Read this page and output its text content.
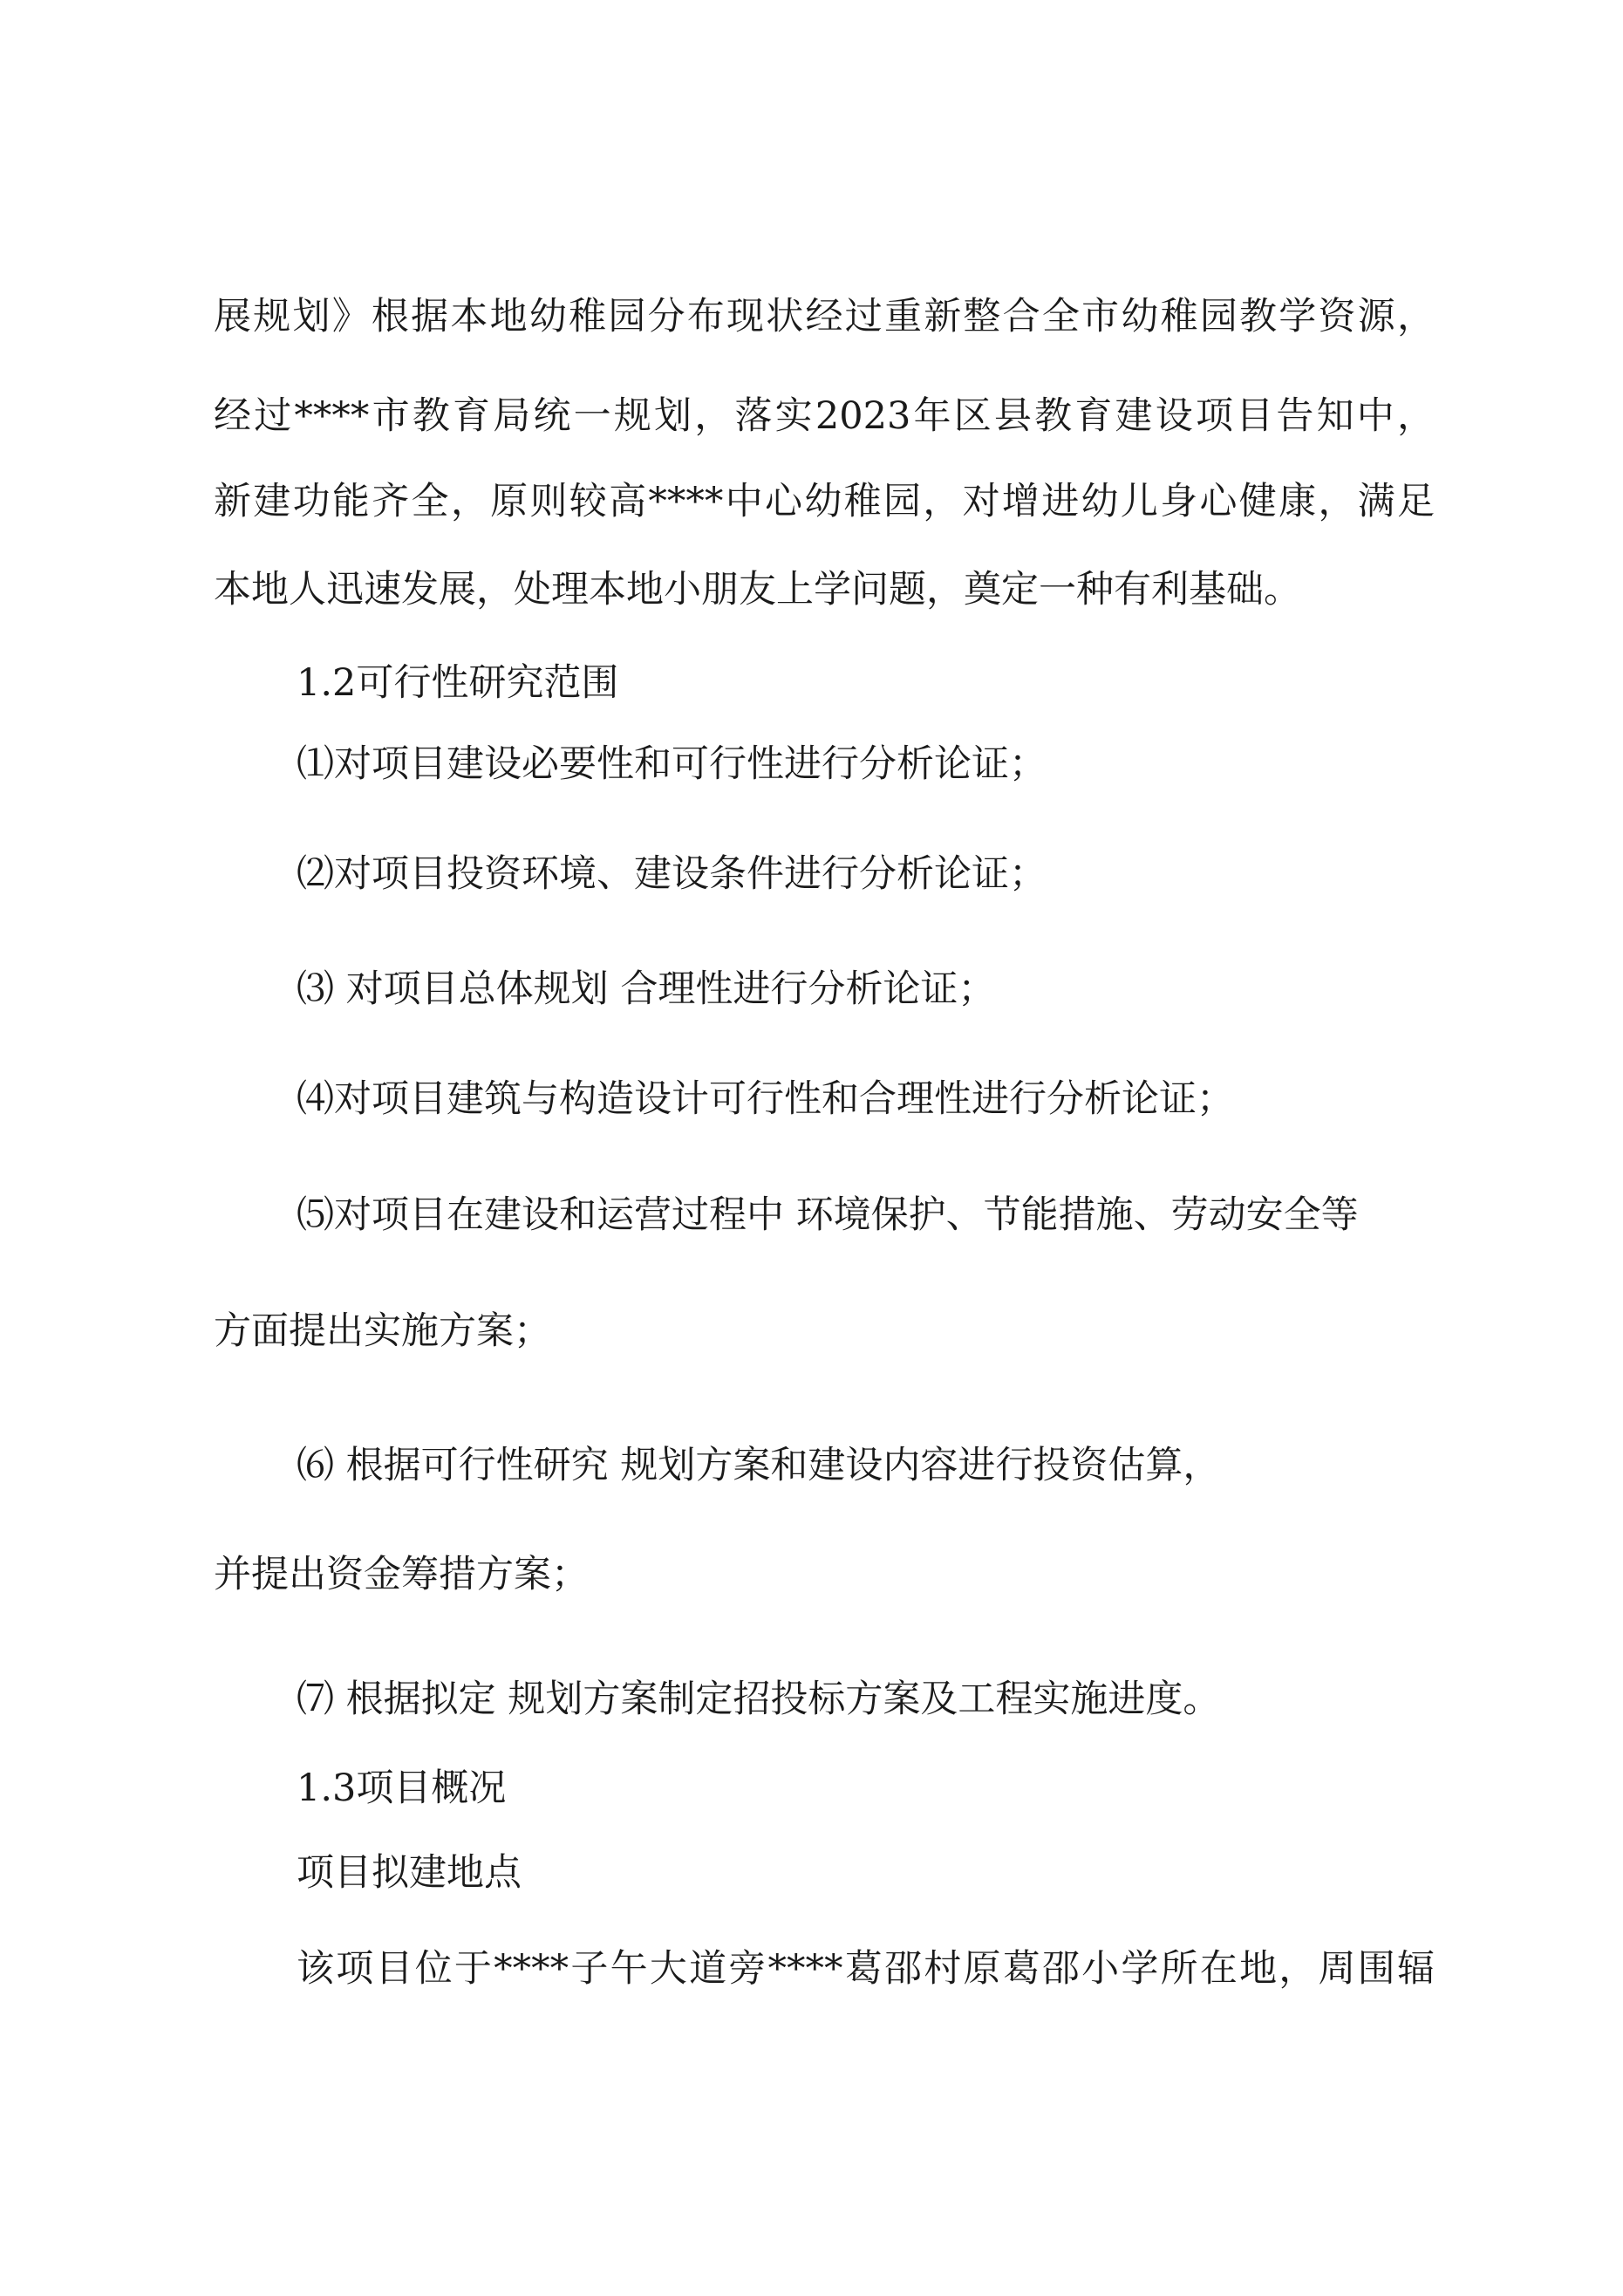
展规划》根据本地幼稚园分布现状经过重新整合全市幼稚园教学资源，

经过****市教育局统一规划，落实2023年区县教育建设项目告知中，

新建功能齐全，原则较高****中心幼稚园，对增进幼儿身心健康，满足

本地人迅速发展，处理本地小朋友上学问题，奠定一种有利基础。

1.2可行性研究范围

⑴对项目建设必要性和可行性进行分析论证；

⑵对项目投资环境、建设条件进行分析论证；

⑶ 对项目总体规划 合理性进行分析论证；

⑷对项目建筑与构造设计可行性和合理性进行分析论证；

⑸对项目在建设和运营过程中 环境保护、节能措施、劳动安全等

方面提出实施方案；

⑹ 根据可行性研究 规划方案和建设内容进行投资估算，

并提出资金筹措方案；

⑺ 根据拟定 规划方案制定招投标方案及工程实施进度。

1.3项目概况

项目拟建地点

该项目位于****子午大道旁****葛邵村原葛邵小学所在地，周围辐
